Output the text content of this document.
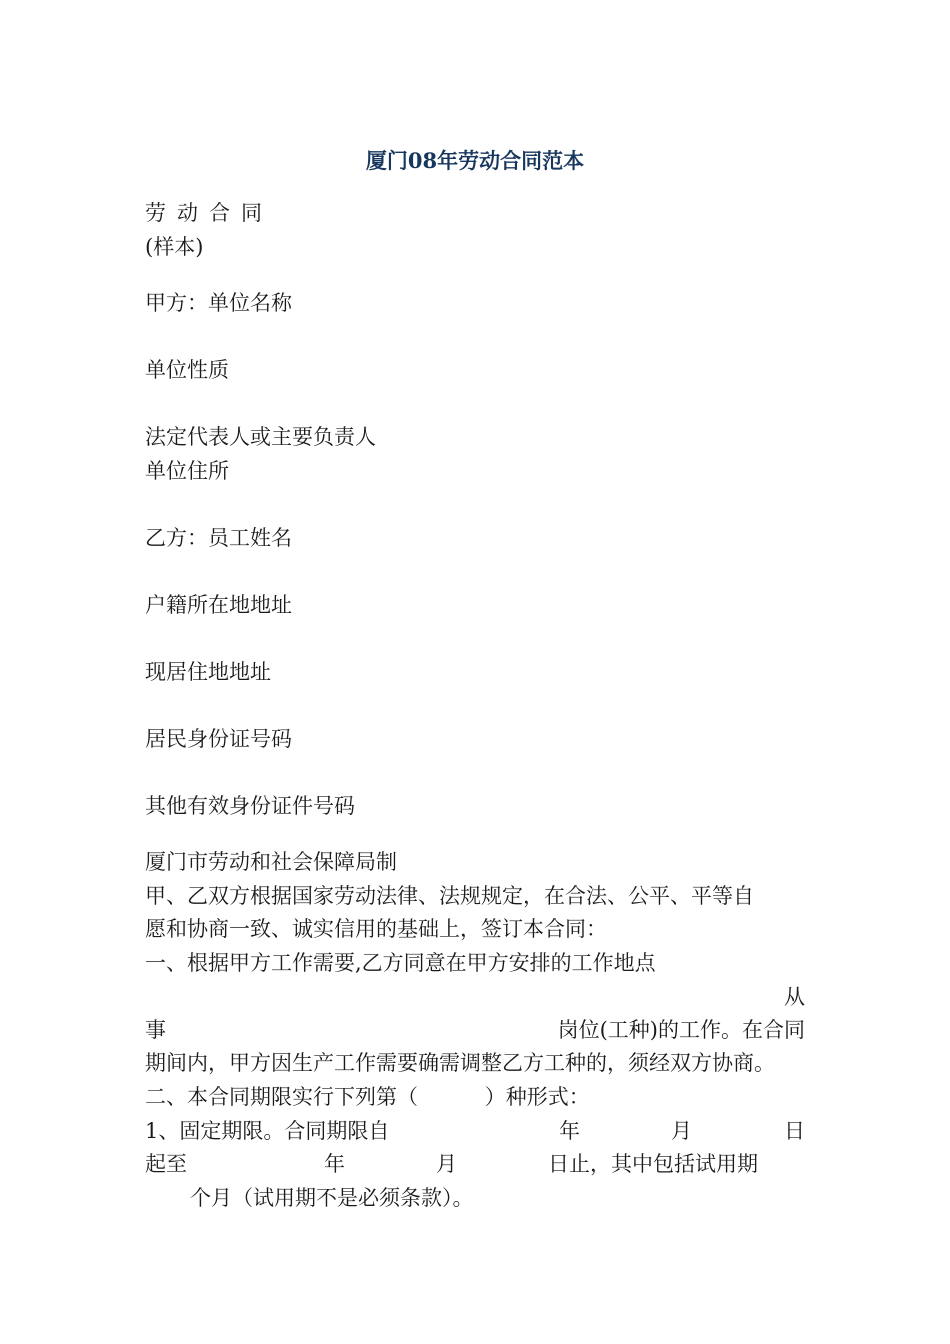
厦门08年劳动合同范本
劳动合同
(样本)
甲方：单位名称
单位性质
法定代表人或主要负责人
单位住所
乙方：员工姓名
户籍所在地地址
现居住地地址
居民身份证号码
其他有效身份证件号码
厦门市劳动和社会保障局制
甲、乙双方根据国家劳动法律、法规规定，在合法、公平、平等自
愿和协商一致、诚实信用的基础上，签订本合同：
一、根据甲方工作需要,乙方同意在甲方安排的工作地点
从
事	岗位(工种)的工作。在合同
期间内，甲方因生产工作需要确需调整乙方工种的，须经双方协商。
二、本合同期限实行下列第（          ）种形式：
1、固定期限。合同期限自	年	月	日
起至	年	月	日止，其中包括试用期
个月（试用期不是必须条款）。
